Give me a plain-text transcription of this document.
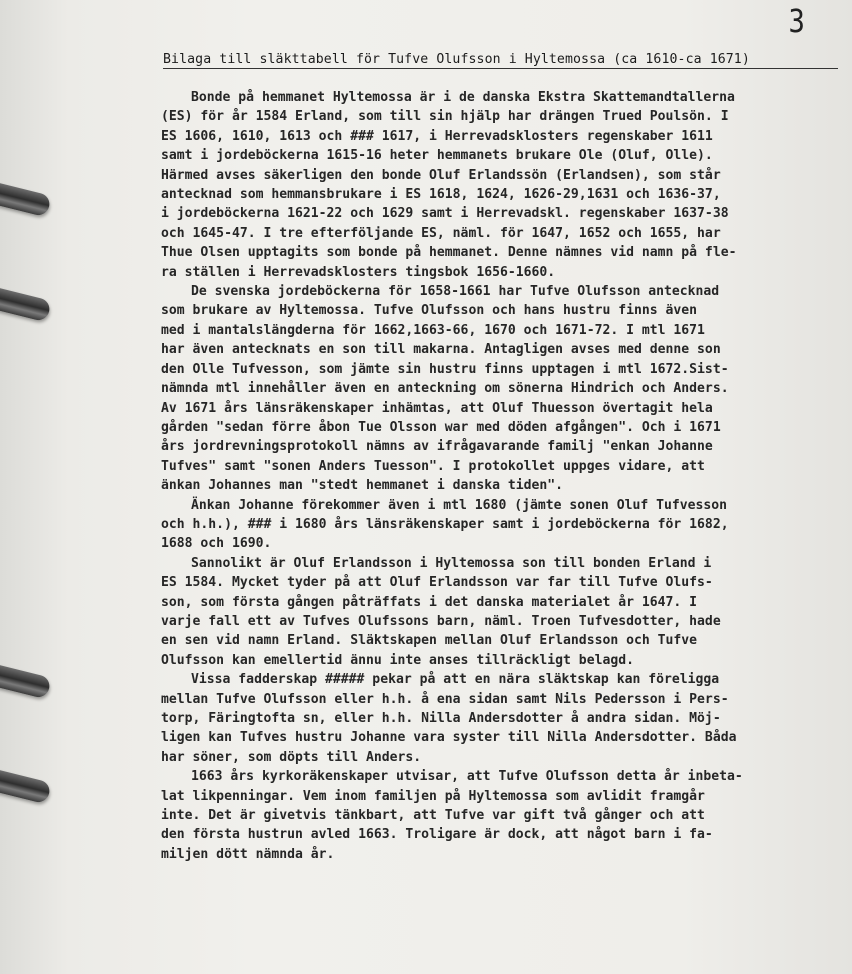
3
Bilaga till släkttabell för Tufve Olufsson i Hyltemossa (ca 1610-ca 1671)
Bonde på hemmanet Hyltemossa är i de danska Ekstra Skattemandtallerna
(ES) för år 1584 Erland, som till sin hjälp har drängen Trued Poulsön. I
ES 1606, 1610, 1613 och ### 1617, i Herrevadsklosters regenskaber 1611
samt i jordeböckerna 1615-16 heter hemmanets brukare Ole (Oluf, Olle).
Härmed avses säkerligen den bonde Oluf Erlandssön (Erlandsen), som står
antecknad som hemmansbrukare i ES 1618, 1624, 1626-29,1631 och 1636-37,
i jordeböckerna 1621-22 och 1629 samt i Herrevadskl. regenskaber 1637-38
och 1645-47. I tre efterföljande ES, näml. för 1647, 1652 och 1655, har
Thue Olsen upptagits som bonde på hemmanet. Denne nämnes vid namn på fle-
ra ställen i Herrevadsklosters tingsbok 1656-1660.
De svenska jordeböckerna för 1658-1661 har Tufve Olufsson antecknad
som brukare av Hyltemossa. Tufve Olufsson och hans hustru finns även
med i mantalslängderna för 1662,1663-66, 1670 och 1671-72. I mtl 1671
har även antecknats en son till makarna. Antagligen avses med denne son
den Olle Tufvesson, som jämte sin hustru finns upptagen i mtl 1672.Sist-
nämnda mtl innehåller även en anteckning om sönerna Hindrich och Anders.
Av 1671 års länsräkenskaper inhämtas, att Oluf Thuesson övertagit hela
gården "sedan förre åbon Tue Olsson war med döden afgången". Och i 1671
års jordrevningsprotokoll nämns av ifrågavarande familj "enkan Johanne
Tufves" samt "sonen Anders Tuesson". I protokollet uppges vidare, att
änkan Johannes man "stedt hemmanet i danska tiden".
Änkan Johanne förekommer även i mtl 1680 (jämte sonen Oluf Tufvesson
och h.h.), ### i 1680 års länsräkenskaper samt i jordeböckerna för 1682,
1688 och 1690.
Sannolikt är Oluf Erlandsson i Hyltemossa son till bonden Erland i
ES 1584. Mycket tyder på att Oluf Erlandsson var far till Tufve Olufs-
son, som första gången påträffats i det danska materialet år 1647. I
varje fall ett av Tufves Olufssons barn, näml. Troen Tufvesdotter, hade
en sen vid namn Erland. Släktskapen mellan Oluf Erlandsson och Tufve
Olufsson kan emellertid ännu inte anses tillräckligt belagd.
Vissa fadderskap ##### pekar på att en nära släktskap kan föreligga
mellan Tufve Olufsson eller h.h. å ena sidan samt Nils Pedersson i Pers-
torp, Färingtofta sn, eller h.h. Nilla Andersdotter å andra sidan. Möj-
ligen kan Tufves hustru Johanne vara syster till Nilla Andersdotter. Båda
har söner, som döpts till Anders.
1663 års kyrkoräkenskaper utvisar, att Tufve Olufsson detta år inbeta-
lat likpenningar. Vem inom familjen på Hyltemossa som avlidit framgår
inte. Det är givetvis tänkbart, att Tufve var gift två gånger och att
den första hustrun avled 1663. Troligare är dock, att något barn i fa-
miljen dött nämnda år.
